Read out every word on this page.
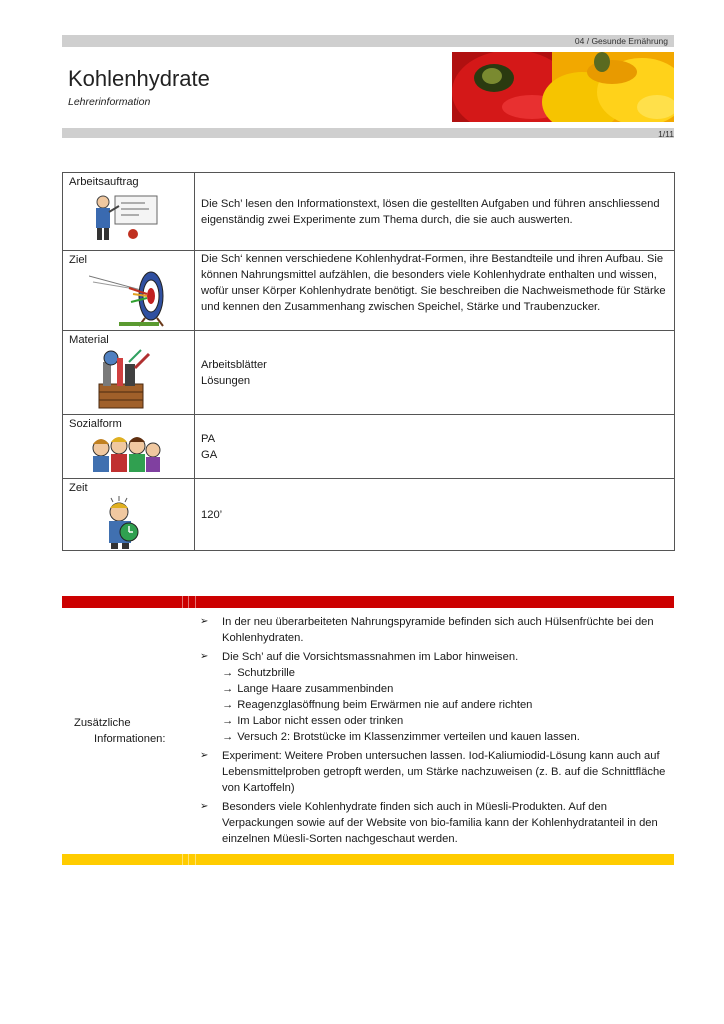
04 / Gesunde Ernährung
Kohlenhydrate
Lehrerinformation
1/11
Arbeitsauftrag	Die Sch’ lesen den Informationstext, lösen die gestellten Aufgaben und führen anschliessend eigenständig zwei Experimente zum Thema durch, die sie auch auswerten.

Ziel	Die Sch‘ kennen verschiedene Kohlenhydrat-Formen, ihre Bestandteile und ihren Aufbau. Sie können Nahrungsmittel aufzählen, die besonders viele Kohlenhydrate enthalten und wissen, wofür unser Körper Kohlenhydrate benötigt. Sie beschreiben die Nachweismethode für Stärke und kennen den Zusammenhang zwischen Speichel, Stärke und Traubenzucker.

Material	Arbeitsblätter
Lösungen

Sozialform	PA
GA

Zeit	120’
Zusätzliche
Informationen:
➢ In der neu überarbeiteten Nahrungspyramide befinden sich auch Hülsenfrüchte bei den Kohlenhydraten.
➢ Die Sch’ auf die Vorsichtsmassnahmen im Labor hinweisen.
→ Schutzbrille
→ Lange Haare zusammenbinden
→ Reagenzglasöffnung beim Erwärmen nie auf andere richten
→ Im Labor nicht essen oder trinken
→ Versuch 2: Brotstücke im Klassenzimmer verteilen und kauen lassen.
➢ Experiment: Weitere Proben untersuchen lassen. Iod-Kaliumiodid-Lösung kann auch auf Lebensmittelproben getropft werden, um Stärke nachzuweisen (z. B. auf die Schnittfläche von Kartoffeln)
➢ Besonders viele Kohlenhydrate finden sich auch in Müesli-Produkten. Auf den Verpackungen sowie auf der Website von bio-familia kann der Kohlenhydratanteil in den einzelnen Müesli-Sorten nachgeschaut werden.
